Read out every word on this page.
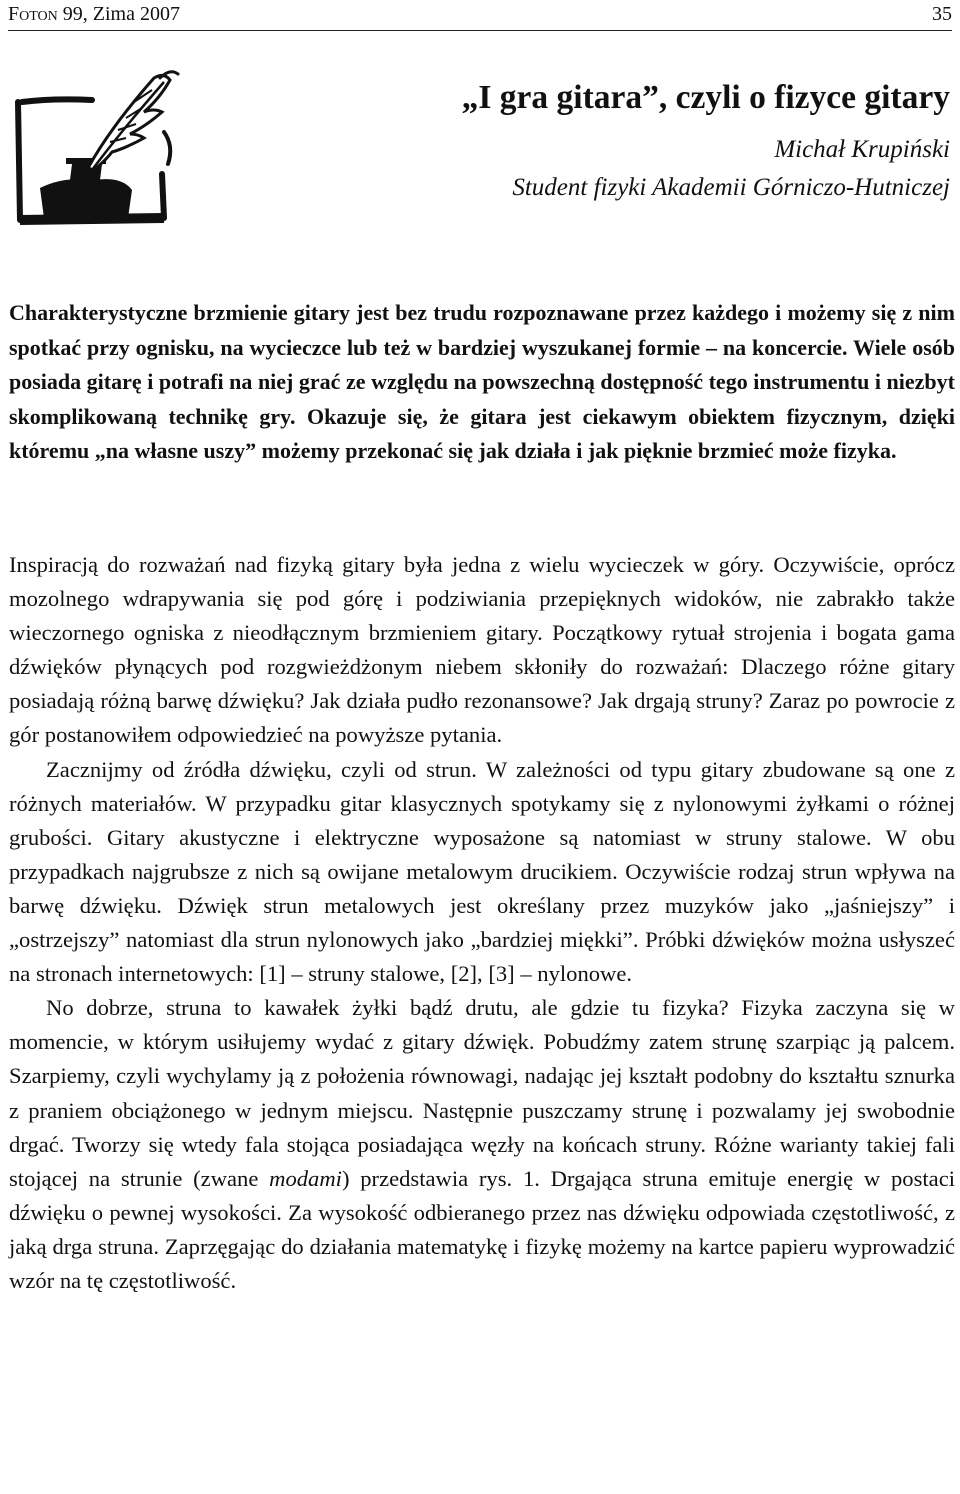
Foton 99, Zima 2007	35
„I gra gitara”, czyli o fizyce gitary
Michał Krupiński
Student fizyki Akademii Górniczo-Hutniczej

Charakterystyczne brzmienie gitary jest bez trudu rozpoznawane przez każdego i możemy się z nim spotkać przy ognisku, na wycieczce lub też w bardziej wyszukanej formie – na koncercie. Wiele osób posiada gitarę i potrafi na niej grać ze względu na powszechną dostępność tego instrumentu i niezbyt skomplikowaną technikę gry. Okazuje się, że gitara jest ciekawym obiektem fizycznym, dzięki któremu „na własne uszy” możemy przekonać się jak działa i jak pięknie brzmieć może fizyka.

Inspiracją do rozważań nad fizyką gitary była jedna z wielu wycieczek w góry. Oczywiście, oprócz mozolnego wdrapywania się pod górę i podziwiania przepięknych widoków, nie zabrakło także wieczornego ogniska z nieodłącznym brzmieniem gitary. Początkowy rytuał strojenia i bogata gama dźwięków płynących pod rozgwieżdżonym niebem skłoniły do rozważań: Dlaczego różne gitary posiadają różną barwę dźwięku? Jak działa pudło rezonansowe? Jak drgają struny? Zaraz po powrocie z gór postanowiłem odpowiedzieć na powyższe pytania.

Zacznijmy od źródła dźwięku, czyli od strun. W zależności od typu gitary zbudowane są one z różnych materiałów. W przypadku gitar klasycznych spotykamy się z nylonowymi żyłkami o różnej grubości. Gitary akustyczne i elektryczne wyposażone są natomiast w struny stalowe. W obu przypadkach najgrubsze z nich są owijane metalowym drucikiem. Oczywiście rodzaj strun wpływa na barwę dźwięku. Dźwięk strun metalowych jest określany przez muzyków jako „jaśniejszy” i „ostrzejszy” natomiast dla strun nylonowych jako „bardziej miękki”. Próbki dźwięków można usłyszeć na stronach internetowych: [1] – struny stalowe, [2], [3] – nylonowe.

No dobrze, struna to kawałek żyłki bądź drutu, ale gdzie tu fizyka? Fizyka zaczyna się w momencie, w którym usiłujemy wydać z gitary dźwięk. Pobudźmy zatem strunę szarpiąc ją palcem. Szarpiemy, czyli wychylamy ją z położenia równowagi, nadając jej kształt podobny do kształtu sznurka z praniem obciążonego w jednym miejscu. Następnie puszczamy strunę i pozwalamy jej swobodnie drgać. Tworzy się wtedy fala stojąca posiadająca węzły na końcach struny. Różne warianty takiej fali stojącej na strunie (zwane modami) przedstawia rys. 1. Drgająca struna emituje energię w postaci dźwięku o pewnej wysokości. Za wysokość odbieranego przez nas dźwięku odpowiada częstotliwość, z jaką drga struna. Zaprzęgając do działania matematykę i fizykę możemy na kartce papieru wyprowadzić wzór na tę częstotliwość.
